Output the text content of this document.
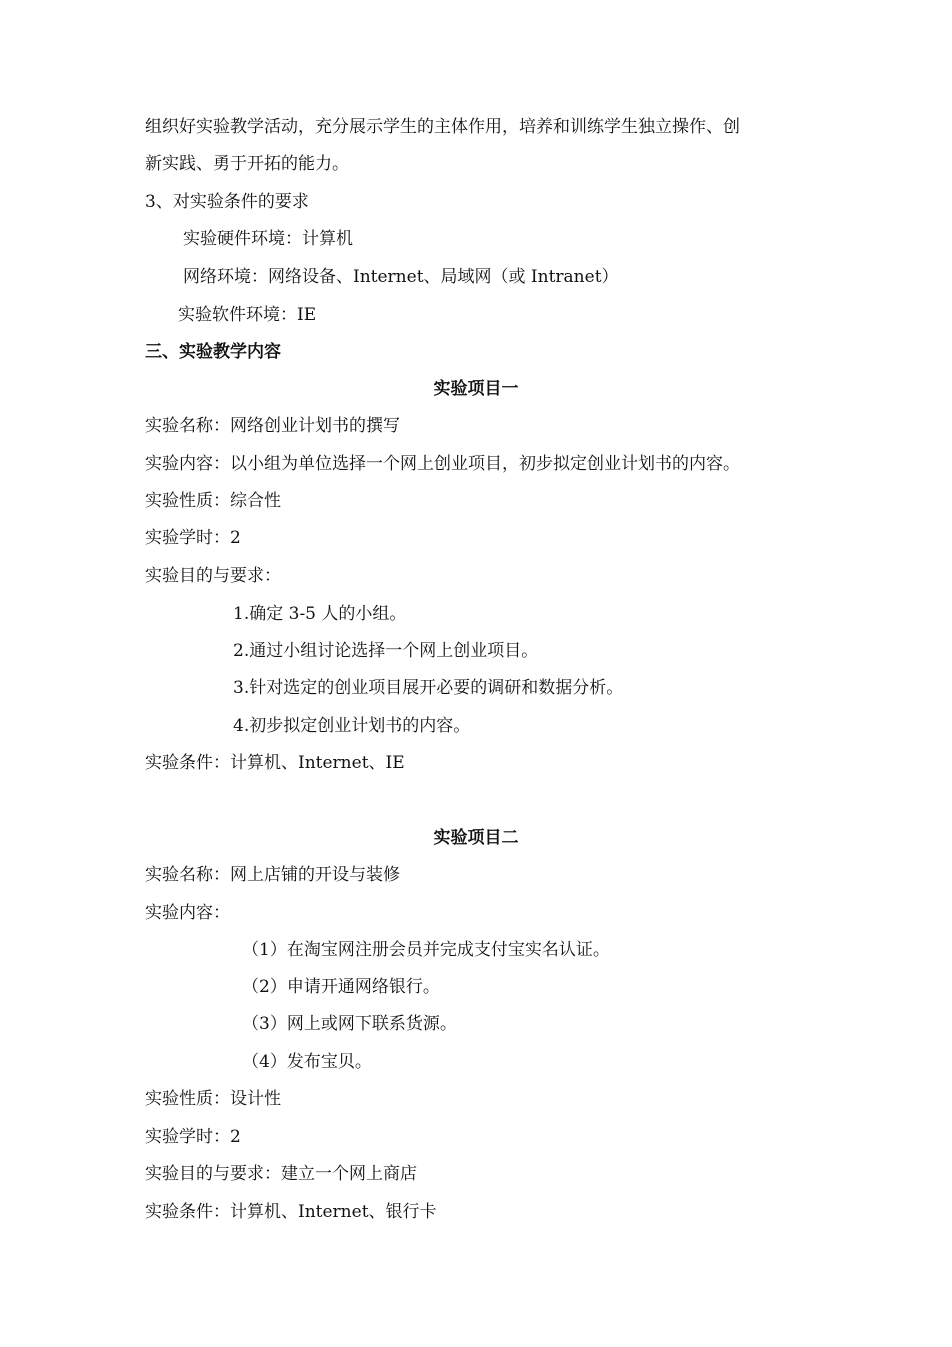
组织好实验教学活动，充分展示学生的主体作用，培养和训练学生独立操作、创
新实践、勇于开拓的能力。
3、对实验条件的要求
实验硬件环境：计算机
网络环境：网络设备、Internet、局域网（或 Intranet）
实验软件环境：IE
三、实验教学内容
实验项目一
实验名称：网络创业计划书的撰写
实验内容：以小组为单位选择一个网上创业项目，初步拟定创业计划书的内容。
实验性质：综合性
实验学时：2
实验目的与要求：
1.确定 3-5 人的小组。
2.通过小组讨论选择一个网上创业项目。
3.针对选定的创业项目展开必要的调研和数据分析。
4.初步拟定创业计划书的内容。
实验条件：计算机、Internet、IE
实验项目二
实验名称：网上店铺的开设与装修
实验内容：
（1）在淘宝网注册会员并完成支付宝实名认证。
（2）申请开通网络银行。
（3）网上或网下联系货源。
（4）发布宝贝。
实验性质：设计性
实验学时：2
实验目的与要求：建立一个网上商店
实验条件：计算机、Internet、银行卡
